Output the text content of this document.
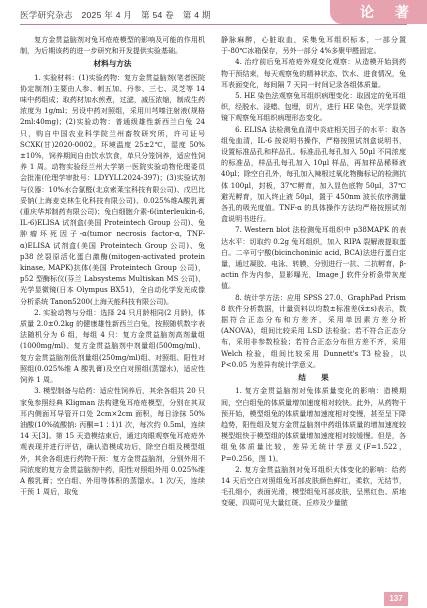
医学研究杂志 2025 年 4 月　第 54 卷　第 4 期	论 著

复方金贯益脑剂对兔耳疮疮模型的影响及可能的作用机制，为后期该药的进一步研究和开发提供实验基础。

材料与方法

1. 实验材料：(1)实验药物：复方金贯益脑剂(笔者医院协定制剂)主要由人参、刺五加、丹参、三七、灵芝等 14 味中药组成；取药材加水煎煮，过滤，减压浓缩，制成生药浓度为 1g/ml；另设中药对照组，采用川芎嗪注射液(规格 2ml:40mg)；(2)实验动物：普通级雄性新西兰白兔 24 只，购自中国农业科学院兰州畜牧研究所，许可证号 SCXK(甘)2020-0002。环境温度 25±2℃，湿度 50%±10%，饲养期间自由饮水饮食，单只分笼饲养，适应性饲养 1 周。动物实验经兰州大学第一医院实验动物伦理委员会批准(伦理学审批号：LDYYLL2024-397)；(3)实验试剂与仪器：10%水合氯醛(北京索莱宝科技有限公司)、戊巴比妥钠(上海麦克林生化科技有限公司)、0.025%维A酸乳膏(重庆华邦制药有限公司)；兔白细胞介素-6(interleukin-6, IL-6)ELISA 试剂盒(美国 Proteintech Group 公司)、兔肿瘤坏死因子-α(tumor necrosis factor-α, TNF-α)ELISA 试剂盒(美国 Proteintech Group 公司)、兔 p38 丝裂原活化蛋白激酶(mitogen-activated protein kinase, MAPK)抗体(美国 Proteintech Group 公司)，p52 型酶标仪(芬兰 Labsystems Multiskan MS 公司)，光学显微镜(日本 Olympus BX51)，全自动化学发光成像分析系统 Tanon5200(上海天能科技有限公司)。

2. 实验动物与分组：选择 24 只月龄相同(2 月龄)，体质量 2.0±0.2kg 的健康雄性新西兰白兔，按照随机数字表法随机分为 6 组，每组 4 只：复方金贯益脑剂高剂量组(1000mg/ml)、复方金贯益脑剂中剂量组(500mg/ml)、复方金贯益脑剂低剂量组(250mg/ml)组、对照组、阳性对照组(0.025%维 A 酸乳膏)及空白对照组(蒸馏水)，适应性饲养 1 周。

3. 模型制备与给药：适应性饲养后，其余各组共 20 只家兔参照经典 Kligman 法构建兔耳疮疮模型，分别在其双耳内侧面耳导管开口处 2cm×2cm 面积，每日涂抹 50%油酸(10%硫酸钠: 丙酮=1∶1)1 次，每次约 0.5ml，连续 14 天[3]。第 15 天造模结束后，通过肉眼观察兔耳疮疮外观表现并进行评估，确认造模成功后，除空白组及模型组外，其余各组进行药物干预：复方金贯益脑剂，分别外用不同浓度的复方金贯益脑剂中药，阳性对照组外用 0.025%维 A 酸乳膏；空白组、外用等体积的蒸馏水。1 次/天，连续干预 1 周后，取兔

静脉麻醉，心脏取血，采集兔耳组织标本，一部分置于-80℃冰箱保存，另外一部分 4%多聚甲醛固定。

4. 治疗前后兔耳疮疮外观变化观察：从造模开始到药物干预结束，每天观察兔的精神状态、饮水、进食情况，兔耳表面变化，每间隔 7 天同一时间记录各组体质量。

5. HE 染色法观察兔耳组织病理变化：取固定的兔耳组织，经脱水、浸蜡、包埋，切片，进行 HE 染色，光学显微镜下观察兔耳组织病理形态变化。

6. ELISA 法检测兔血清中炎症相关因子的水平：取各组兔血清，IL-6 按说明书操作，严格按照试剂盒说明书，设置标准品孔和样品孔。标准品孔每孔加入 50μl 不同浓度的标准品，样品孔每孔加入 10μl 样品，再加样品稀释液 40μl；除空白孔外，每孔加入辣根过氧化物酶标记的检测抗体 100μl，封板，37℃孵育，加入显色底物 50μl，37℃避光孵育，加入终止液 50μl，置于 450nm 波长依序测量各孔的吸光度值。TNF-α 的具体操作方法均严格按照试剂盒说明书进行。

7. Western blot 法检测兔耳组织中 p38MAPK 的表达水平：切取约 0.2g 兔耳组织，加入 RIPA 裂解液提取蛋白。二辛可宁酸(bicinchoninic acid, BCA)法进行蛋白定量，通过凝胶、电泳、转膜，分别进行一抗、二抗孵育，β-actin 作为内参，显影曝光，Image J 软件分析条带灰度值。

8. 统计学方法：应用 SPSS 27.0、GraphPad Prism 8 软件分析数据，计量资料以均数±标准差(x̄±s)表示，数据符合正态分布和方差齐，采用单因素方差分析(ANOVA)，组间比较采用 LSD 法检验；若不符合正态分布，采用非参数检验；若符合正态分布但方差不齐，采用 Welch 检验，组间比较采用 Dunnett's T3 检验，以 P<0.05 为差异有统计学意义。

结　　果

1. 复方金贯益脑剂对兔体质量变化的影响：造模期间，空白组兔的体质量增加速度相对较快。此外，从药物干预开始，模型组兔的体质量增加速度相对变慢，甚至呈下降趋势，阳性组及复方金贯益脑剂中药组体质量的增加速度较模型组快于模型组的体质量增加速度相对较缓慢。但是，各组兔体质量比较，差异无统计学意义(F=1.522，P=0.256，图 1)。

2. 复方金贯益脑剂对兔耳组织大体变化的影响：给药 14 天后空白对照组兔耳部皮肤颜色鲜红，柔软，无结节，毛孔细小，表面光滑，模型组兔耳部皮肤，呈黑红色、质地变硬、四周可见大量红斑、丘疹及少量脓

137
